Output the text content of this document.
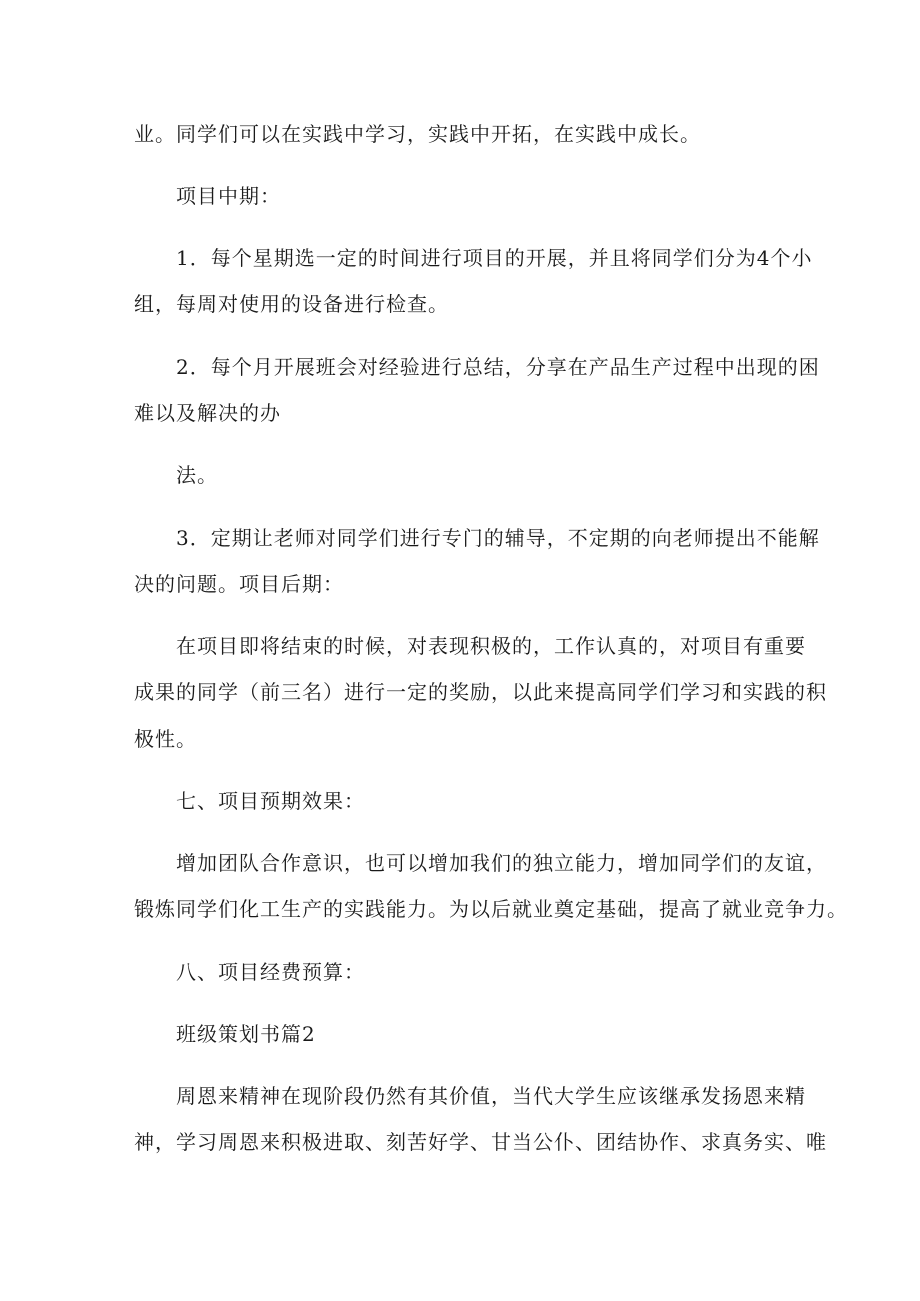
业。同学们可以在实践中学习，实践中开拓，在实践中成长。
项目中期：
1．每个星期选一定的时间进行项目的开展，并且将同学们分为4个小
组，每周对使用的设备进行检查。
2．每个月开展班会对经验进行总结，分享在产品生产过程中出现的困
难以及解决的办
法。
3．定期让老师对同学们进行专门的辅导，不定期的向老师提出不能解
决的问题。项目后期：
在项目即将结束的时候，对表现积极的，工作认真的，对项目有重要
成果的同学（前三名）进行一定的奖励，以此来提高同学们学习和实践的积
极性。
七、项目预期效果：
增加团队合作意识，也可以增加我们的独立能力，增加同学们的友谊，
锻炼同学们化工生产的实践能力。为以后就业奠定基础，提高了就业竞争力。
八、项目经费预算：
班级策划书篇2
周恩来精神在现阶段仍然有其价值，当代大学生应该继承发扬恩来精
神，学习周恩来积极进取、刻苦好学、甘当公仆、团结协作、求真务实、唯
